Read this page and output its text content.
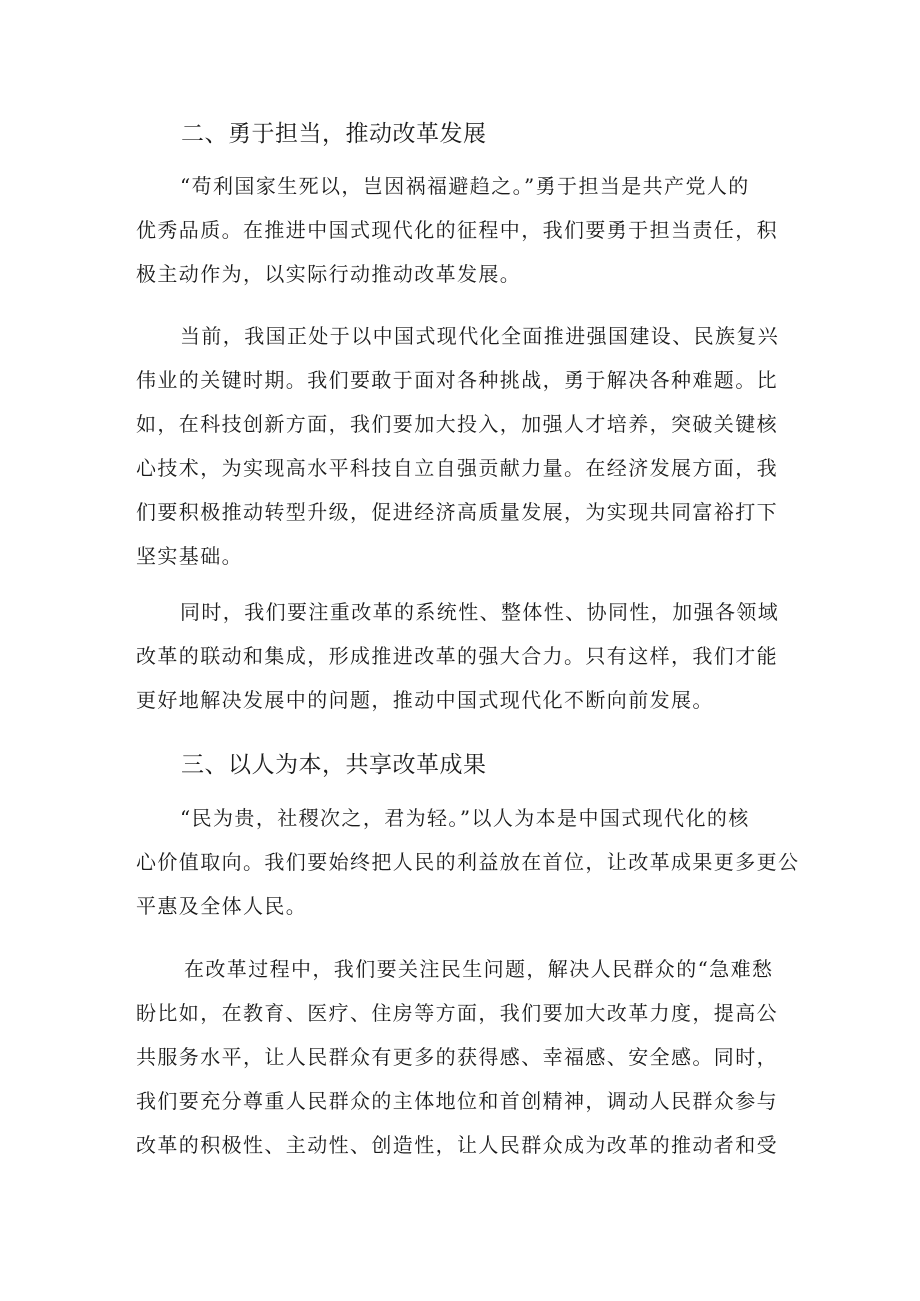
二、勇于担当，推动改革发展
“苟利国家生死以，岂因祸福避趋之。”勇于担当是共产党人的
优秀品质。在推进中国式现代化的征程中，我们要勇于担当责任，积
极主动作为，以实际行动推动改革发展。
当前，我国正处于以中国式现代化全面推进强国建设、民族复兴
伟业的关键时期。我们要敢于面对各种挑战，勇于解决各种难题。比
如，在科技创新方面，我们要加大投入，加强人才培养，突破关键核
心技术，为实现高水平科技自立自强贡献力量。在经济发展方面，我
们要积极推动转型升级，促进经济高质量发展，为实现共同富裕打下
坚实基础。
同时，我们要注重改革的系统性、整体性、协同性，加强各领域
改革的联动和集成，形成推进改革的强大合力。只有这样，我们才能
更好地解决发展中的问题，推动中国式现代化不断向前发展。
三、以人为本，共享改革成果
“民为贵，社稷次之，君为轻。”以人为本是中国式现代化的核
心价值取向。我们要始终把人民的利益放在首位，让改革成果更多更公
平惠及全体人民。
在改革过程中，我们要关注民生问题，解决人民群众的“急难愁
盼比如，在教育、医疗、住房等方面，我们要加大改革力度，提高公
共服务水平，让人民群众有更多的获得感、幸福感、安全感。同时，
我们要充分尊重人民群众的主体地位和首创精神，调动人民群众参与
改革的积极性、主动性、创造性，让人民群众成为改革的推动者和受
